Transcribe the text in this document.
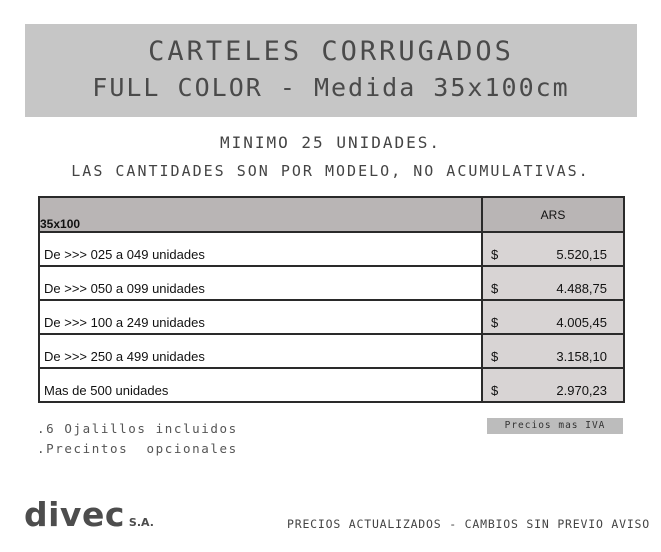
CARTELES CORRUGADOS
FULL COLOR - Medida 35x100cm
MINIMO 25 UNIDADES.
LAS CANTIDADES SON POR MODELO, NO ACUMULATIVAS.
35x100	ARS
De >>> 025 a 049 unidades	$ 5.520,15

De >>> 050 a 099 unidades	$ 4.488,75

De >>> 100 a 249 unidades	$ 4.005,45

De >>> 250 a 499 unidades	$ 3.158,10

Mas de 500 unidades	$ 2.970,23
.6 Ojalillos incluidos
.Precintos  opcionales
Precios mas IVA
divec S.A.	PRECIOS ACTUALIZADOS - CAMBIOS SIN PREVIO AVISO
